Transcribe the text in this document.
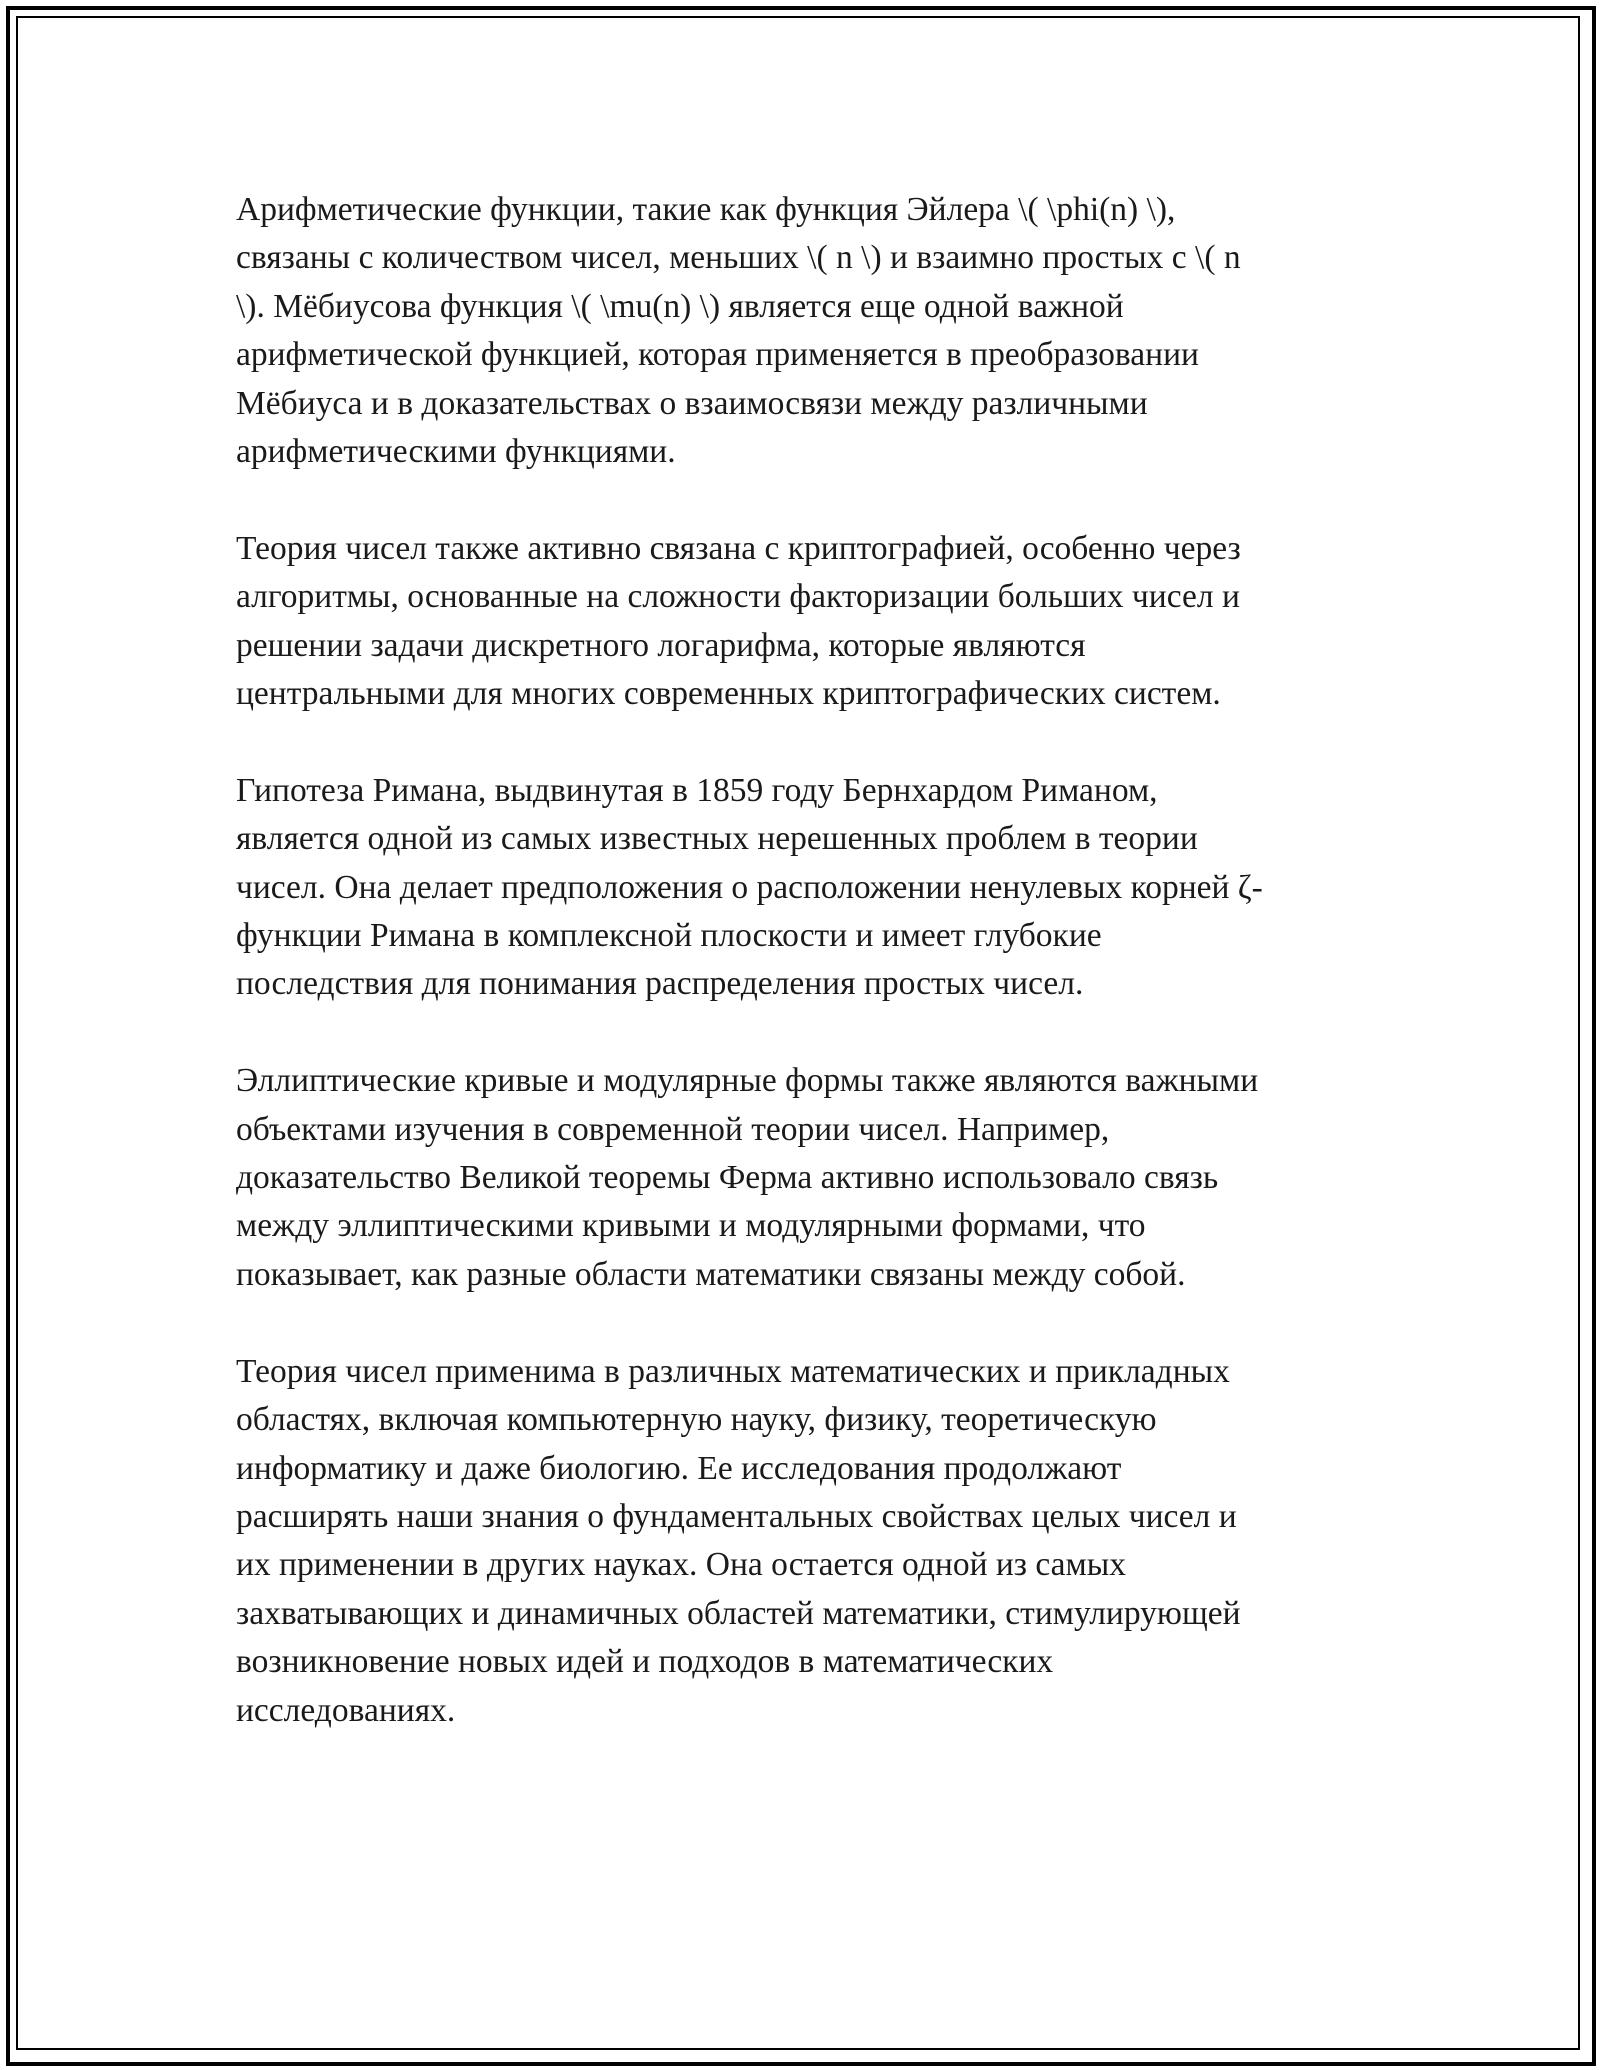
Арифметические функции, такие как функция Эйлера \( \phi(n) \),
связаны с количеством чисел, меньших \( n \) и взаимно простых с \( n
\). Мёбиусова функция \( \mu(n) \) является еще одной важной
арифметической функцией, которая применяется в преобразовании
Мёбиуса и в доказательствах о взаимосвязи между различными
арифметическими функциями.

Теория чисел также активно связана с криптографией, особенно через
алгоритмы, основанные на сложности факторизации больших чисел и
решении задачи дискретного логарифма, которые являются
центральными для многих современных криптографических систем.

Гипотеза Римана, выдвинутая в 1859 году Бернхардом Риманом,
является одной из самых известных нерешенных проблем в теории
чисел. Она делает предположения о расположении ненулевых корней ζ-
функции Римана в комплексной плоскости и имеет глубокие
последствия для понимания распределения простых чисел.

Эллиптические кривые и модулярные формы также являются важными
объектами изучения в современной теории чисел. Например,
доказательство Великой теоремы Ферма активно использовало связь
между эллиптическими кривыми и модулярными формами, что
показывает, как разные области математики связаны между собой.

Теория чисел применима в различных математических и прикладных
областях, включая компьютерную науку, физику, теоретическую
информатику и даже биологию. Ее исследования продолжают
расширять наши знания о фундаментальных свойствах целых чисел и
их применении в других науках. Она остается одной из самых
захватывающих и динамичных областей математики, стимулирующей
возникновение новых идей и подходов в математических
исследованиях.
